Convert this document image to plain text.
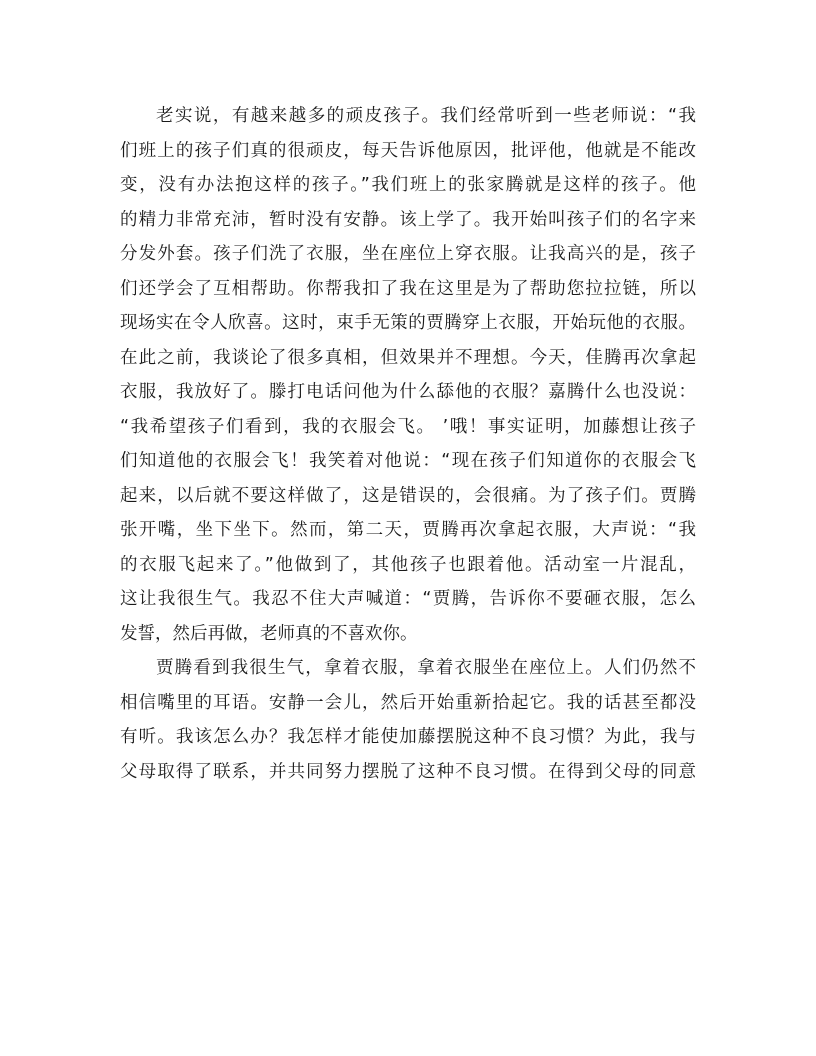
老实说，有越来越多的顽皮孩子。我们经常听到一些老师说：“我
们班上的孩子们真的很顽皮，每天告诉他原因，批评他，他就是不能改
变，没有办法抱这样的孩子。”我们班上的张家腾就是这样的孩子。他
的精力非常充沛，暂时没有安静。该上学了。我开始叫孩子们的名字来
分发外套。孩子们洗了衣服，坐在座位上穿衣服。让我高兴的是，孩子
们还学会了互相帮助。你帮我扣了我在这里是为了帮助您拉拉链，所以
现场实在令人欣喜。这时，束手无策的贾腾穿上衣服，开始玩他的衣服。
在此之前，我谈论了很多真相，但效果并不理想。今天，佳腾再次拿起
衣服，我放好了。滕打电话问他为什么舔他的衣服？嘉腾什么也没说：
“我希望孩子们看到，我的衣服会飞。 ’哦！事实证明，加藤想让孩子
们知道他的衣服会飞！我笑着对他说：“现在孩子们知道你的衣服会飞
起来，以后就不要这样做了，这是错误的，会很痛。为了孩子们。贾腾
张开嘴，坐下坐下。然而，第二天，贾腾再次拿起衣服，大声说：“我
的衣服飞起来了。”他做到了，其他孩子也跟着他。活动室一片混乱，
这让我很生气。我忍不住大声喊道：“贾腾，告诉你不要砸衣服，怎么
发誓，然后再做，老师真的不喜欢你。
贾腾看到我很生气，拿着衣服，拿着衣服坐在座位上。人们仍然不
相信嘴里的耳语。安静一会儿，然后开始重新拾起它。我的话甚至都没
有听。我该怎么办？我怎样才能使加藤摆脱这种不良习惯？为此，我与
父母取得了联系，并共同努力摆脱了这种不良习惯。在得到父母的同意
